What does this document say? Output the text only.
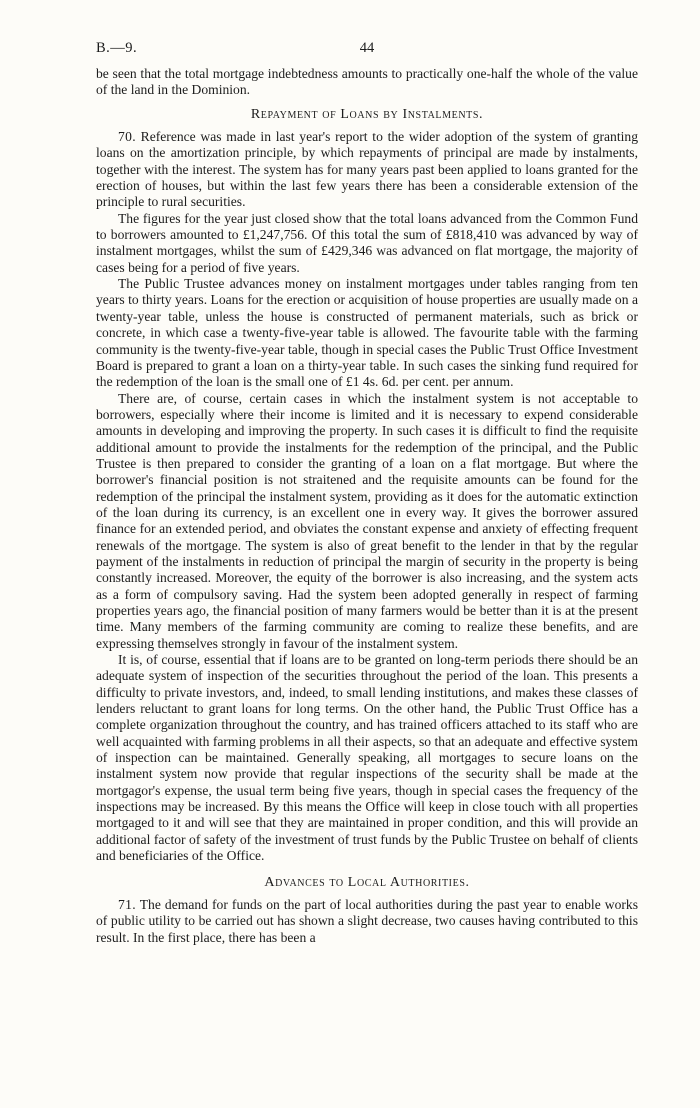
B.—9.	44

be seen that the total mortgage indebtedness amounts to practically one-half the whole of the value of the land in the Dominion.

Repayment of Loans by Instalments.

70. Reference was made in last year's report to the wider adoption of the system of granting loans on the amortization principle, by which repayments of principal are made by instalments, together with the interest. The system has for many years past been applied to loans granted for the erection of houses, but within the last few years there has been a considerable extension of the principle to rural securities.

The figures for the year just closed show that the total loans advanced from the Common Fund to borrowers amounted to £1,247,756. Of this total the sum of £818,410 was advanced by way of instalment mortgages, whilst the sum of £429,346 was advanced on flat mortgage, the majority of cases being for a period of five years.

The Public Trustee advances money on instalment mortgages under tables ranging from ten years to thirty years. Loans for the erection or acquisition of house properties are usually made on a twenty-year table, unless the house is constructed of permanent materials, such as brick or concrete, in which case a twenty-five-year table is allowed. The favourite table with the farming community is the twenty-five-year table, though in special cases the Public Trust Office Investment Board is prepared to grant a loan on a thirty-year table. In such cases the sinking fund required for the redemption of the loan is the small one of £1 4s. 6d. per cent. per annum.

There are, of course, certain cases in which the instalment system is not acceptable to borrowers, especially where their income is limited and it is necessary to expend considerable amounts in developing and improving the property. In such cases it is difficult to find the requisite additional amount to provide the instalments for the redemption of the principal, and the Public Trustee is then prepared to consider the granting of a loan on a flat mortgage. But where the borrower's financial position is not straitened and the requisite amounts can be found for the redemption of the principal the instalment system, providing as it does for the automatic extinction of the loan during its currency, is an excellent one in every way. It gives the borrower assured finance for an extended period, and obviates the constant expense and anxiety of effecting frequent renewals of the mortgage. The system is also of great benefit to the lender in that by the regular payment of the instalments in reduction of principal the margin of security in the property is being constantly increased. Moreover, the equity of the borrower is also increasing, and the system acts as a form of compulsory saving. Had the system been adopted generally in respect of farming properties years ago, the financial position of many farmers would be better than it is at the present time. Many members of the farming community are coming to realize these benefits, and are expressing themselves strongly in favour of the instalment system.

It is, of course, essential that if loans are to be granted on long-term periods there should be an adequate system of inspection of the securities throughout the period of the loan. This presents a difficulty to private investors, and, indeed, to small lending institutions, and makes these classes of lenders reluctant to grant loans for long terms. On the other hand, the Public Trust Office has a complete organization throughout the country, and has trained officers attached to its staff who are well acquainted with farming problems in all their aspects, so that an adequate and effective system of inspection can be maintained. Generally speaking, all mortgages to secure loans on the instalment system now provide that regular inspections of the security shall be made at the mortgagor's expense, the usual term being five years, though in special cases the frequency of the inspections may be increased. By this means the Office will keep in close touch with all properties mortgaged to it and will see that they are maintained in proper condition, and this will provide an additional factor of safety of the investment of trust funds by the Public Trustee on behalf of clients and beneficiaries of the Office.

Advances to Local Authorities.

71. The demand for funds on the part of local authorities during the past year to enable works of public utility to be carried out has shown a slight decrease, two causes having contributed to this result. In the first place, there has been a
